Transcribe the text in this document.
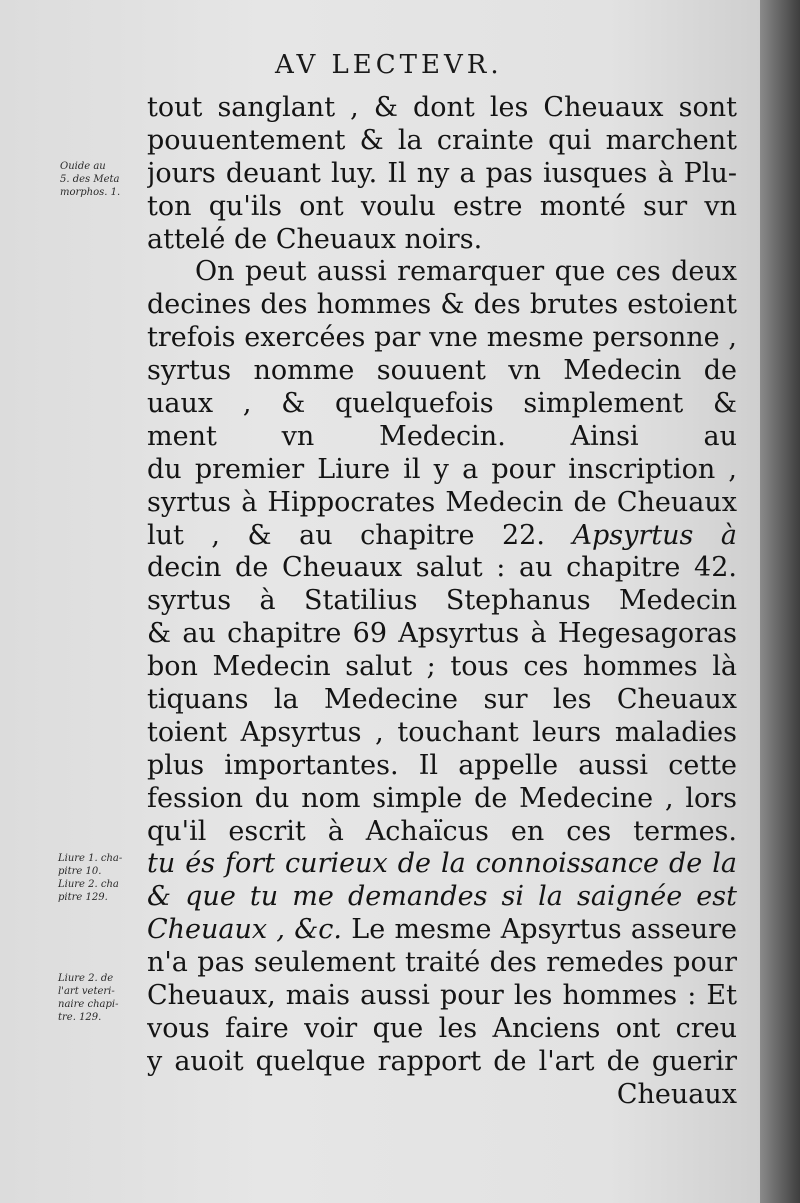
AV LECTEVR.
Ouide au
5. des Meta
morphos. 1.
Liure 1. cha-
pitre 10.
Liure 2. cha
pitre 129.
Liure 2. de
l'art veteri-
naire chapi-
tre. 129.
tout sanglant , & dont les Cheuaux sont
pouuentement & la crainte qui marchent
jours deuant luy. Il ny a pas iusques à Plu-
ton qu'ils ont voulu estre monté sur vn
attelé de Cheuaux noirs.
On peut aussi remarquer que ces deux
decines des hommes & des brutes estoient
trefois exercées par vne mesme personne ,
syrtus nomme souuent vn Medecin de
uaux , & quelquefois simplement &
ment vn Medecin. Ainsi au
du premier Liure il y a pour inscription ,
syrtus à Hippocrates Medecin de Cheuaux
lut , & au chapitre 22. Apsyrtus à
decin de Cheuaux salut : au chapitre 42.
syrtus à Statilius Stephanus Medecin
& au chapitre 69 Apsyrtus à Hegesagoras
bon Medecin salut ; tous ces hommes là
tiquans la Medecine sur les Cheuaux
toient Apsyrtus , touchant leurs maladies
plus importantes. Il appelle aussi cette
fession du nom simple de Medecine , lors
qu'il escrit à Achaïcus en ces termes.
tu és fort curieux de la connoissance de la
& que tu me demandes si la saignée est
Cheuaux , &c. Le mesme Apsyrtus asseure
n'a pas seulement traité des remedes pour
Cheuaux, mais aussi pour les hommes : Et
vous faire voir que les Anciens ont creu
y auoit quelque rapport de l'art de guerir
Cheuaux
